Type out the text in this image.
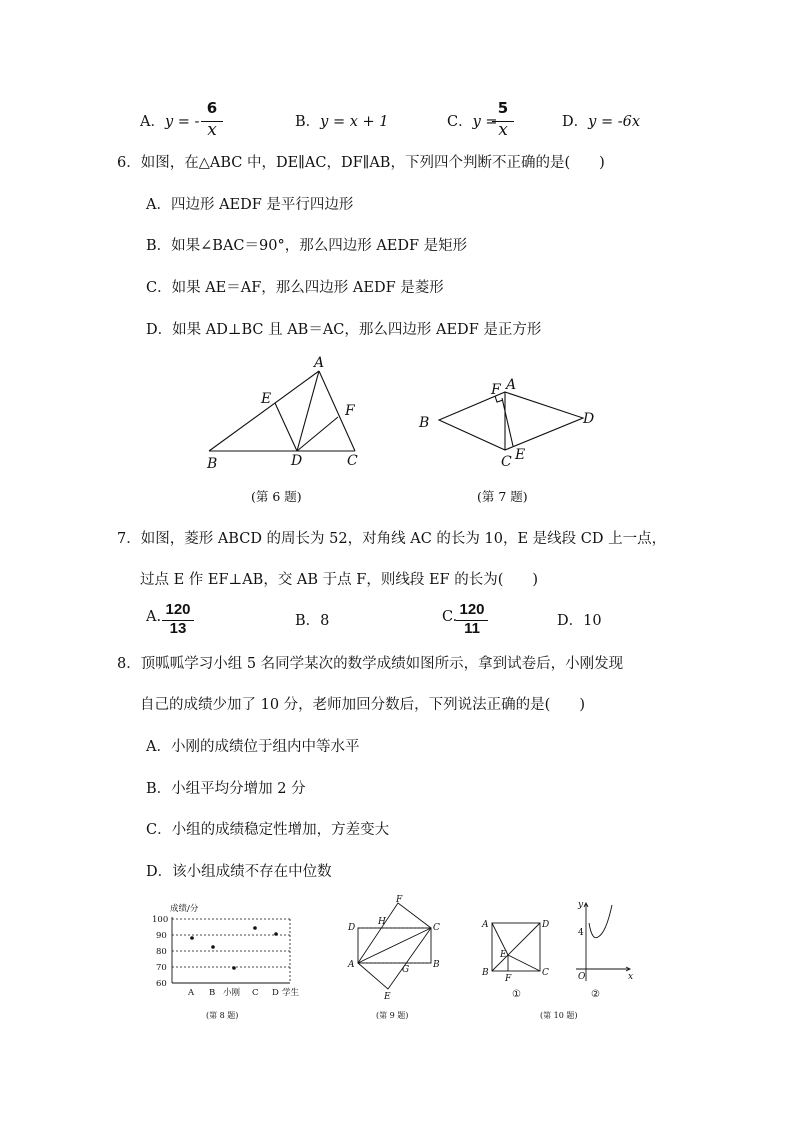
A．y = -
6
x	B．y = x + 1	C．y =
5
x	D．y = -6x
6．如图，在△ABC 中，DE∥AC，DF∥AB，下列四个判断不正确的是(　　)
A．四边形 AEDF 是平行四边形
B．如果∠BAC＝90°，那么四边形 AEDF 是矩形
C．如果 AE＝AF，那么四边形 AEDF 是菱形
D．如果 AD⊥BC 且 AB＝AC，那么四边形 AEDF 是正方形
A
E
F
B	D	C
(第 6 题)
F A
B	D
C E
(第 7 题)
7．如图，菱形 ABCD 的周长为 52，对角线 AC 的长为 10，E 是线段 CD 上一点，
过点 E 作 EF⊥AB，交 AB 于点 F，则线段 EF 的长为(　　)
A. 120
13	B．8	C. 120
11	D．10
8．顶呱呱学习小组 5 名同学某次的数学成绩如图所示，拿到试卷后，小刚发现
自己的成绩少加了 10 分，老师加回分数后，下列说法正确的是(　　)
A．小刚的成绩位于组内中等水平
B．小组平均分增加 2 分
C．小组的成绩稳定性增加，方差变大
D．该小组成绩不存在中位数
成绩/分
100
90
80
70
60
A B 小刚 C D 学生
(第 8 题)
F
H
D	C
A	G	B
E
(第 9 题)
A	D
E
B
F
C
①
y
4
O	x
②
(第 10 题)
